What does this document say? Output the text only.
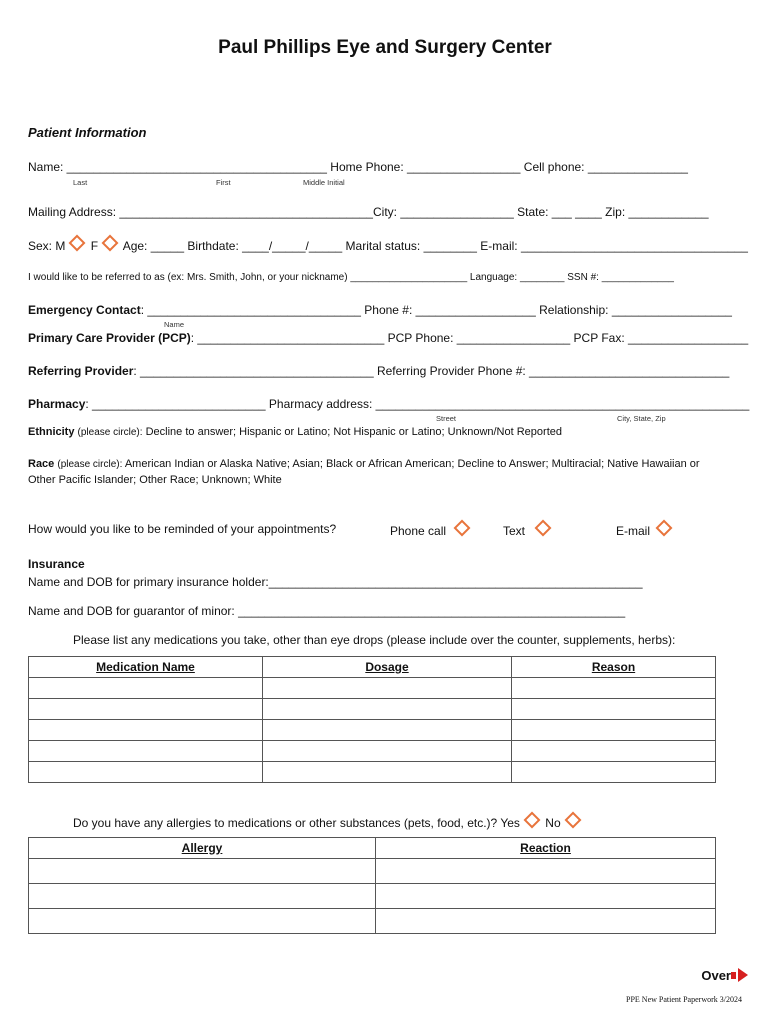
Paul Phillips Eye and Surgery Center
Patient Information
Name: _______________________________________ Home Phone: _________________ Cell phone: _______________
Last	First	Middle Initial
Mailing Address: ______________________________________City: _________________ State: ___ ____ Zip: ____________
Sex: M F Age: _____ Birthdate: ____/_____/_____ Marital status: ________ E-mail: __________________________________
I would like to be referred to as (ex: Mrs. Smith, John, or your nickname) _____________________ Language: ________ SSN #: _____________
Emergency Contact: ________________________________ Phone #: __________________ Relationship: __________________
Name
Primary Care Provider (PCP): ____________________________ PCP Phone: _________________ PCP Fax: __________________
Referring Provider: ___________________________________ Referring Provider Phone #: ______________________________
Pharmacy: __________________________ Pharmacy address: ________________________________________________________
Street	City, State, Zip
Ethnicity (please circle): Decline to answer; Hispanic or Latino; Not Hispanic or Latino; Unknown/Not Reported
Race (please circle): American Indian or Alaska Native; Asian; Black or African American; Decline to Answer; Multiracial; Native Hawaiian or
Other Pacific Islander; Other Race; Unknown; White
How would you like to be reminded of your appointments?	Phone call	Text	E-mail
Insurance
Name and DOB for primary insurance holder:________________________________________________________
Name and DOB for guarantor of minor: __________________________________________________________
Please list any medications you take, other than eye drops (please include over the counter, supplements, herbs):
Medication Name	Dosage	Reason

Do you have any allergies to medications or other substances (pets, food, etc.)? Yes No
Allergy	Reaction

Over
PPE New Patient Paperwork 3/2024
